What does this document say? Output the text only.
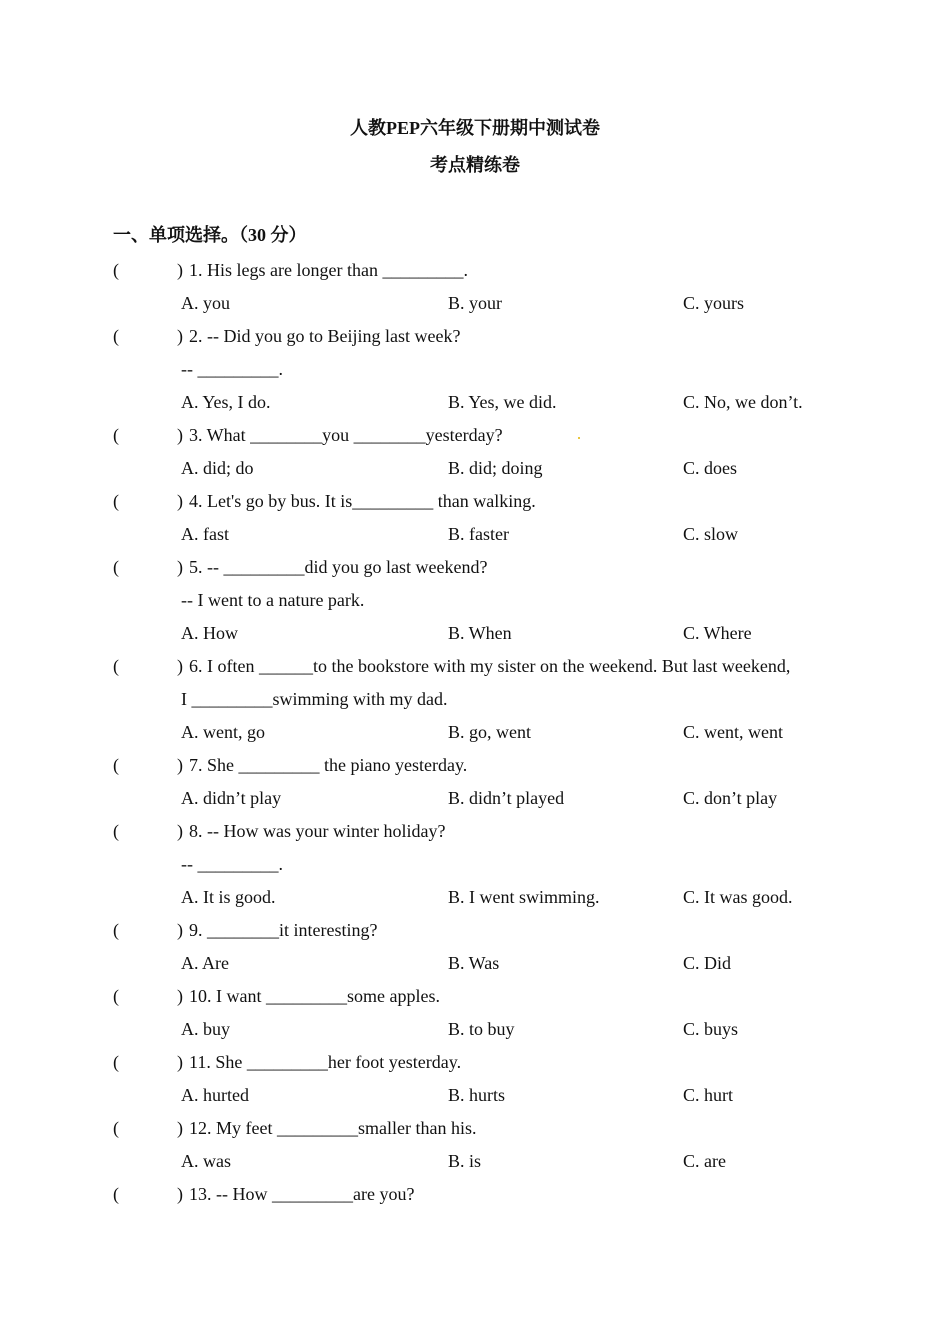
人教PEP六年级下册期中测试卷
考点精练卷
一、单项选择。（30 分）
(	) 1. His legs are longer than _________.
A. you	B. your	C. yours
(	) 2. -- Did you go to Beijing last week?
-- _________.
A. Yes, I do.	B. Yes, we did.	C. No, we don’t.
(	) 3. What ________you ________yesterday?
A. did; do	B. did; doing	C. does
(	) 4. Let's go by bus. It is_________ than walking.
A. fast	B. faster	C. slow
(	) 5. -- _________did you go last weekend?
-- I went to a nature park.
A. How	B. When	C. Where
(	) 6. I often ______to the bookstore with my sister on the weekend. But last weekend,
I _________swimming with my dad.
A. went, go	B. go, went	C. went, went
(	) 7. She _________ the piano yesterday.
A. didn’t play	B. didn’t played	C. don’t play
(	) 8. -- How was your winter holiday?
-- _________.
A. It is good.	B. I went swimming.	C. It was good.
(	) 9. ________it interesting?
A. Are	B. Was	C. Did
(	) 10. I want _________some apples.
A. buy	B. to buy	C. buys
(	) 11. She _________her foot yesterday.
A. hurted	B. hurts	C. hurt
(	) 12. My feet _________smaller than his.
A. was	B. is	C. are
(	) 13. -- How _________are you?
